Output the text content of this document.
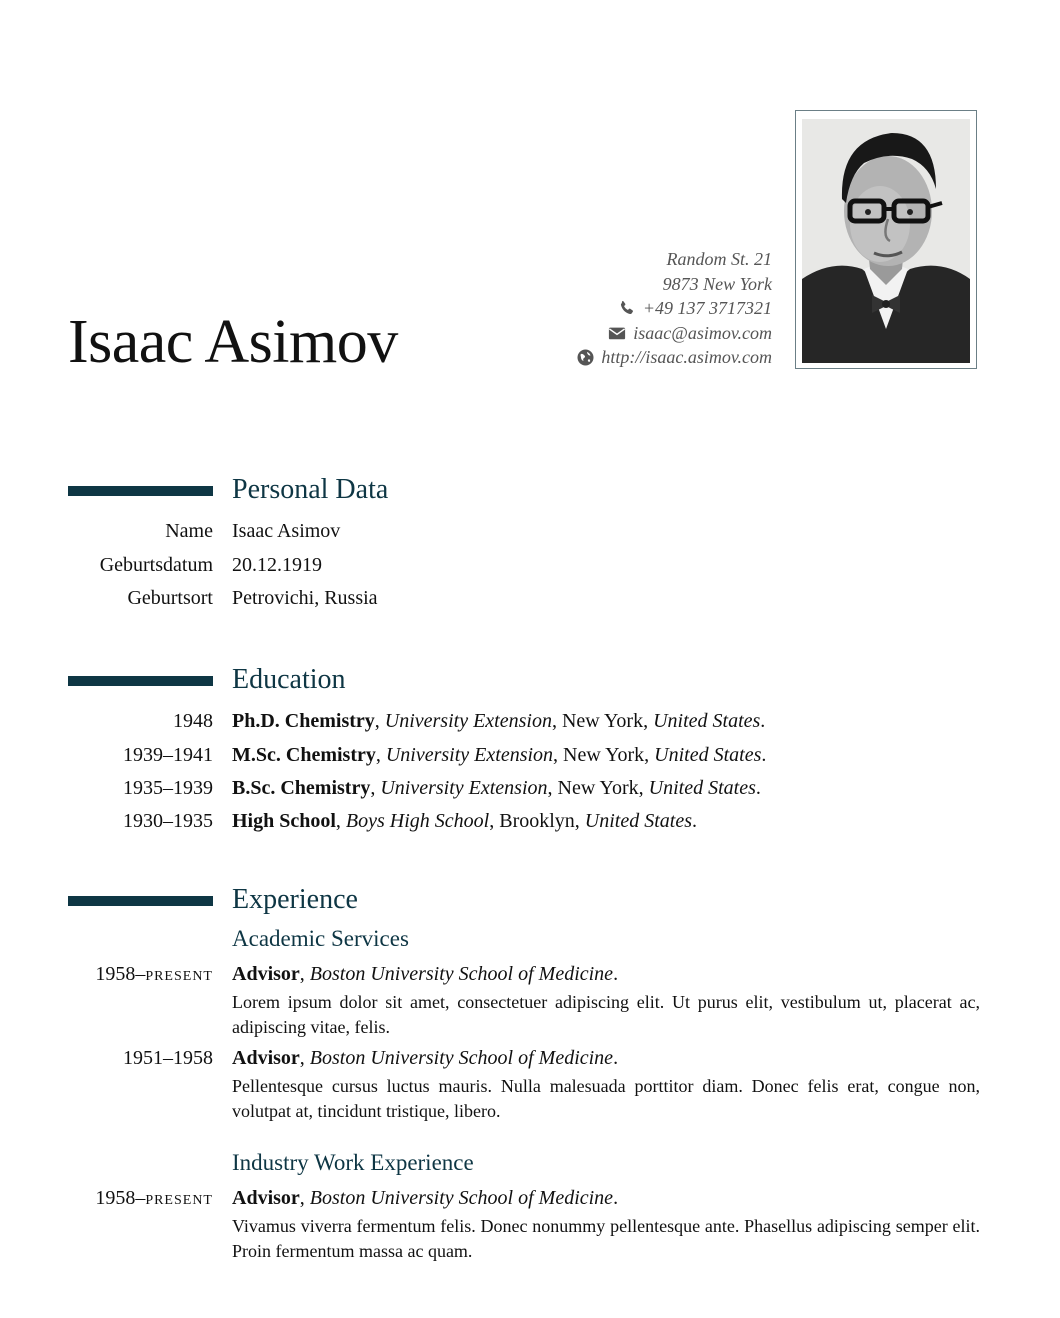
Isaac Asimov
Random St. 21
9873 New York
+49 137 3717321
isaac@asimov.com
http://isaac.asimov.com
Personal Data
Name Isaac Asimov
Geburtsdatum 20.12.1919
Geburtsort Petrovichi, Russia
Education
1948 Ph.D. Chemistry, University Extension, New York, United States.
1939–1941 M.Sc. Chemistry, University Extension, New York, United States.
1935–1939 B.Sc. Chemistry, University Extension, New York, United States.
1930–1935 High School, Boys High School, Brooklyn, United States.
Experience
Academic Services
1958–PRESENT Advisor, Boston University School of Medicine.
Lorem ipsum dolor sit amet, consectetuer adipiscing elit. Ut purus elit, vestibulum ut, placerat ac, adipiscing vitae, felis.
1951–1958 Advisor, Boston University School of Medicine.
Pellentesque cursus luctus mauris. Nulla malesuada porttitor diam. Donec felis erat, congue non, volutpat at, tincidunt tristique, libero.
Industry Work Experience
1958–PRESENT Advisor, Boston University School of Medicine.
Vivamus viverra fermentum felis. Donec nonummy pellentesque ante. Phasellus adipiscing semper elit. Proin fermentum massa ac quam.
